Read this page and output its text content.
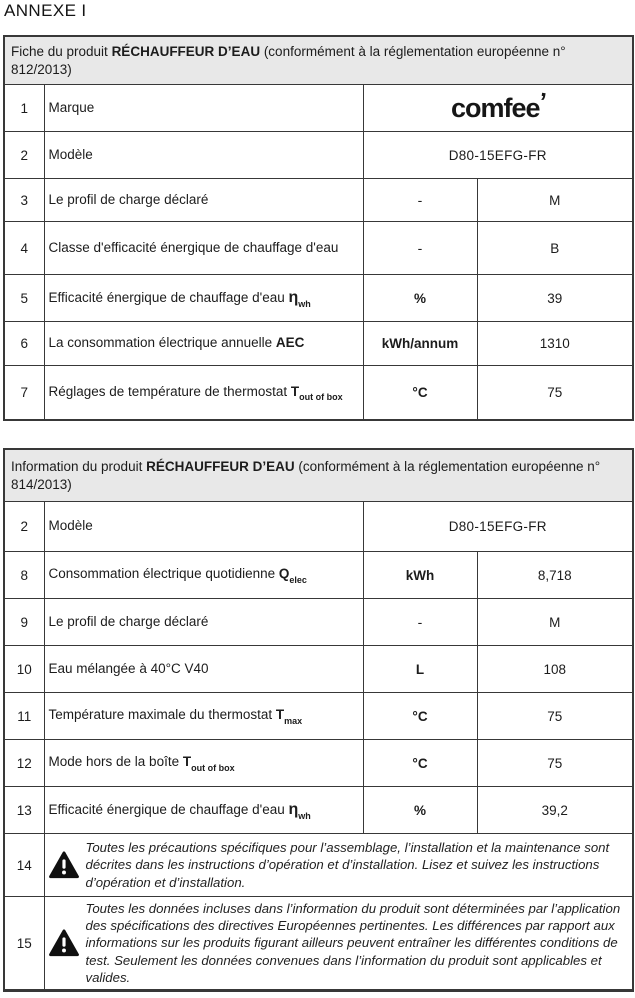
ANNEXE I
Fiche du produit RÉCHAUFFEUR D’EAU (conformément à la réglementation européenne n° 812/2013)			
1	Marque	comfee’	
2	Modèle	D80-15EFG-FR	
3	Le profil de charge déclaré	-	M
4	Classe d'efficacité énergique de chauffage d'eau	-	B
5	Efficacité énergique de chauffage d'eau $\eta_{wh}$	%	39
6	La consommation électrique annuelle AEC	kWh/annum	1310
7	Réglages de température de thermostat $T_{out of box}$	°C	75
Information du produit RÉCHAUFFEUR D’EAU (conformément à la réglementation européenne n° 814/2013)			
2	Modèle	D80-15EFG-FR	
8	Consommation électrique quotidienne $Q_{elec}$	kWh	8,718
9	Le profil de charge déclaré	-	M
10	Eau mélangée à 40°C V40	L	108
11	Température maximale du thermostat $T_{max}$	°C	75
12	Mode hors de la boîte $T_{out of box}$	°C	75
13	Efficacité énergique de chauffage d'eau $\eta_{wh}$	%	39,2
14	Toutes les précautions spécifiques pour l’assemblage, l’installation et la maintenance sont décrites dans les instructions d’opération et d’installation. Lisez et suivez les instructions d’opération et d’installation.		

15	Toutes les données incluses dans l’information du produit sont déterminées par l’application des spécifications des directives Européennes pertinentes. Les différences par rapport aux informations sur les produits figurant ailleurs peuvent entraîner les différentes conditions de test. Seulement les données convenues dans l’information du produit sont applicables et valides.		
